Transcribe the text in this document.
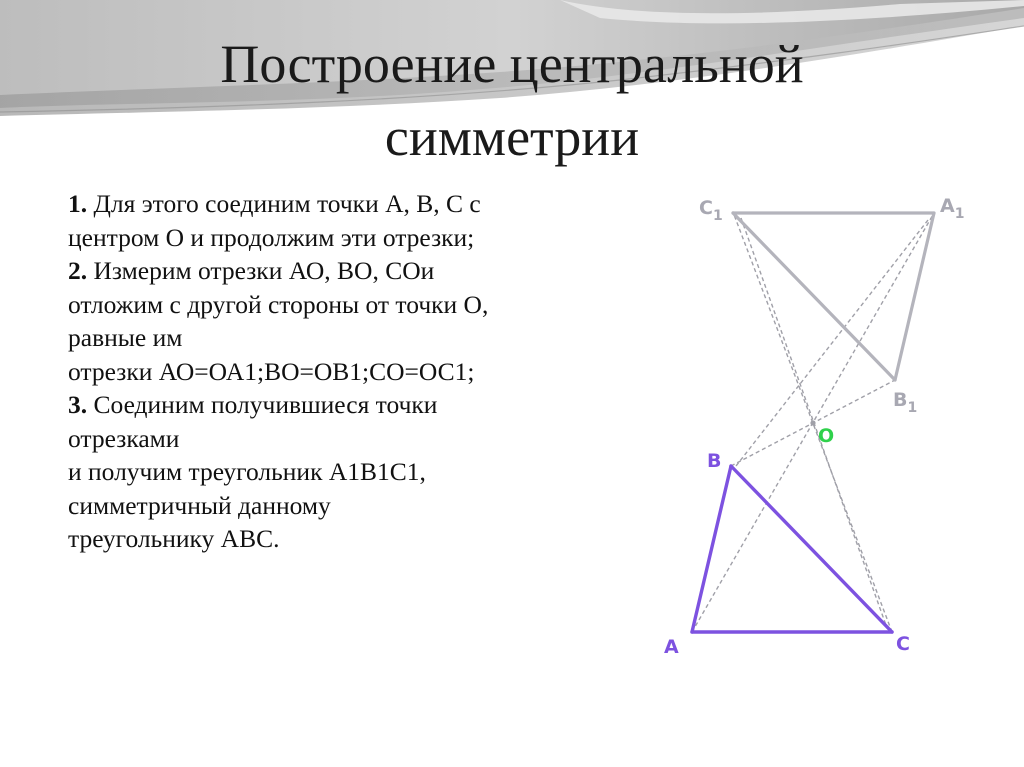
Построение центральной
симметрии
1. Для этого соединим точки А, В, С с
центром О и продолжим эти отрезки;
2. Измерим отрезки АО, ВО, СОи
отложим с другой стороны от точки О,
равные им
отрезки АО=ОА1;ВО=ОВ1;СО=ОС1;
3. Соединим получившиеся точки
отрезками
и получим треугольник А1В1С1,
симметричный данному
треугольнику АВС.
A
B
C
O
$C_1$	$A_1$
$B_1$
